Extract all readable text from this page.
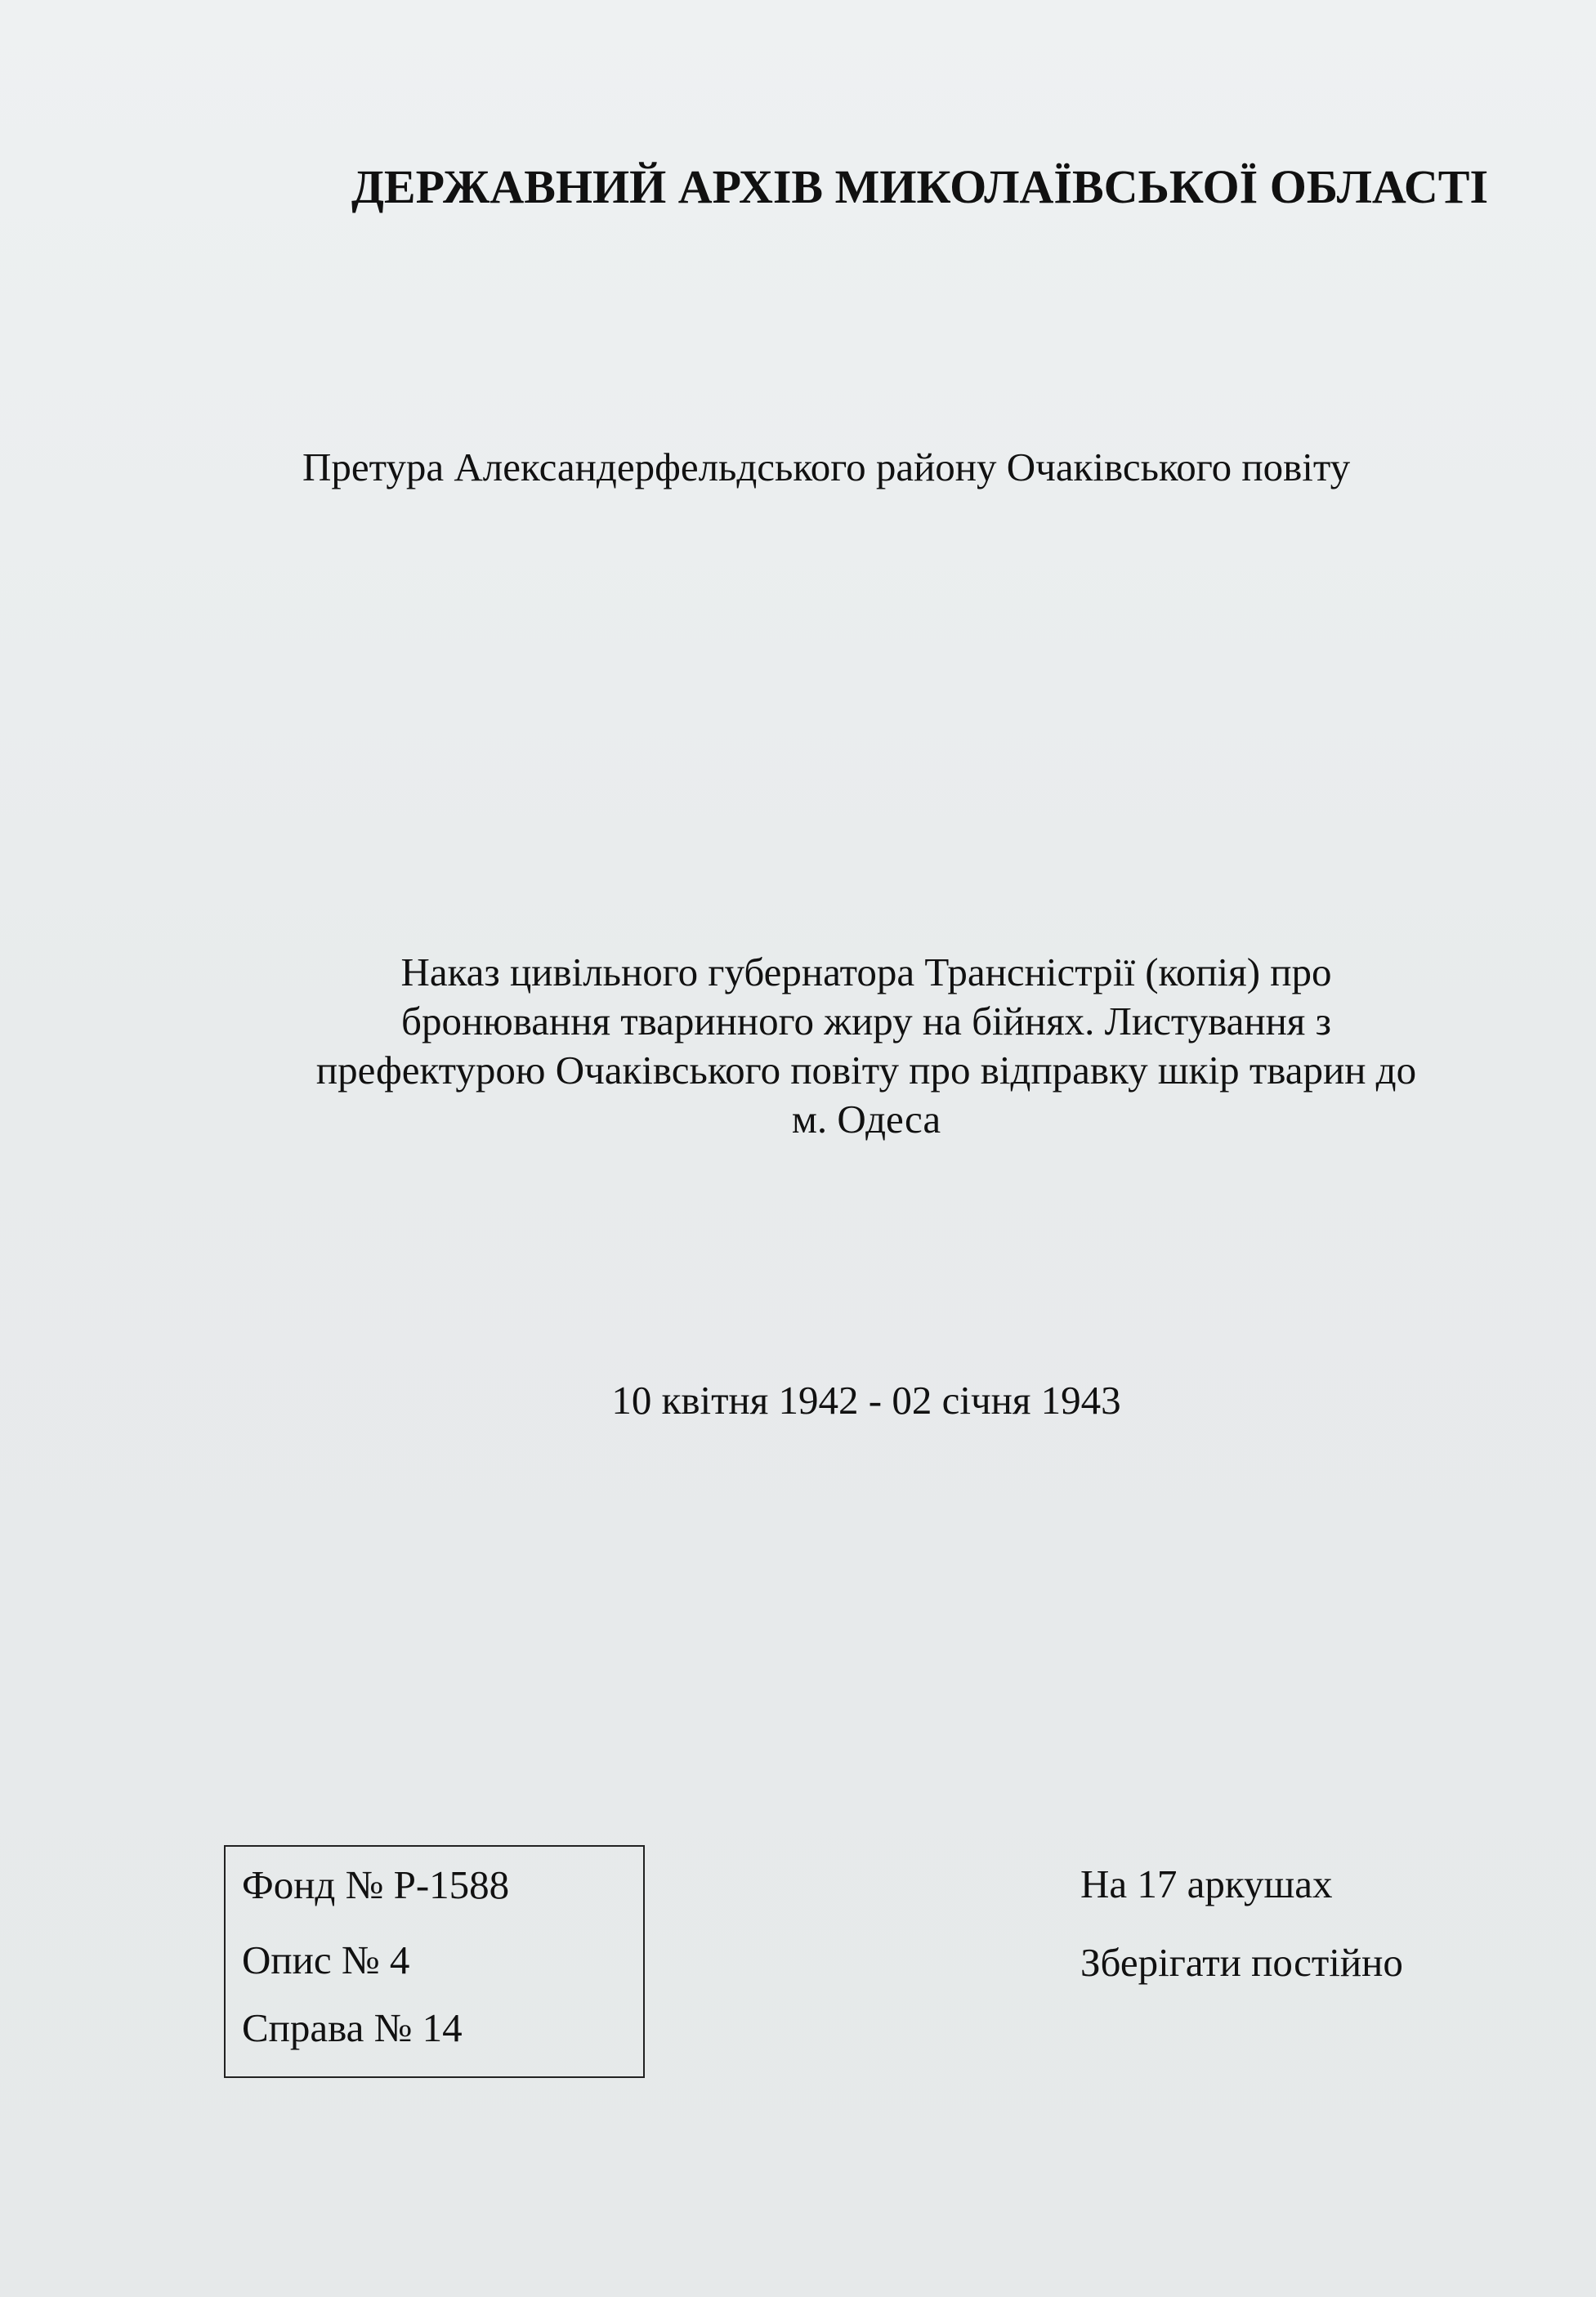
ДЕРЖАВНИЙ АРХІВ МИКОЛАЇВСЬКОЇ ОБЛАСТІ
Претура Александерфельдського району Очаківського повіту
Наказ цивільного губернатора Трансністрії (копія) про
бронювання тваринного жиру на бійнях. Листування з
префектурою Очаківського повіту про відправку шкір тварин до
м. Одеса
10 квітня 1942 - 02 січня 1943
Фонд № Р-1588
Опис № 4
Справа № 14
На 17 аркушах
Зберігати постійно
